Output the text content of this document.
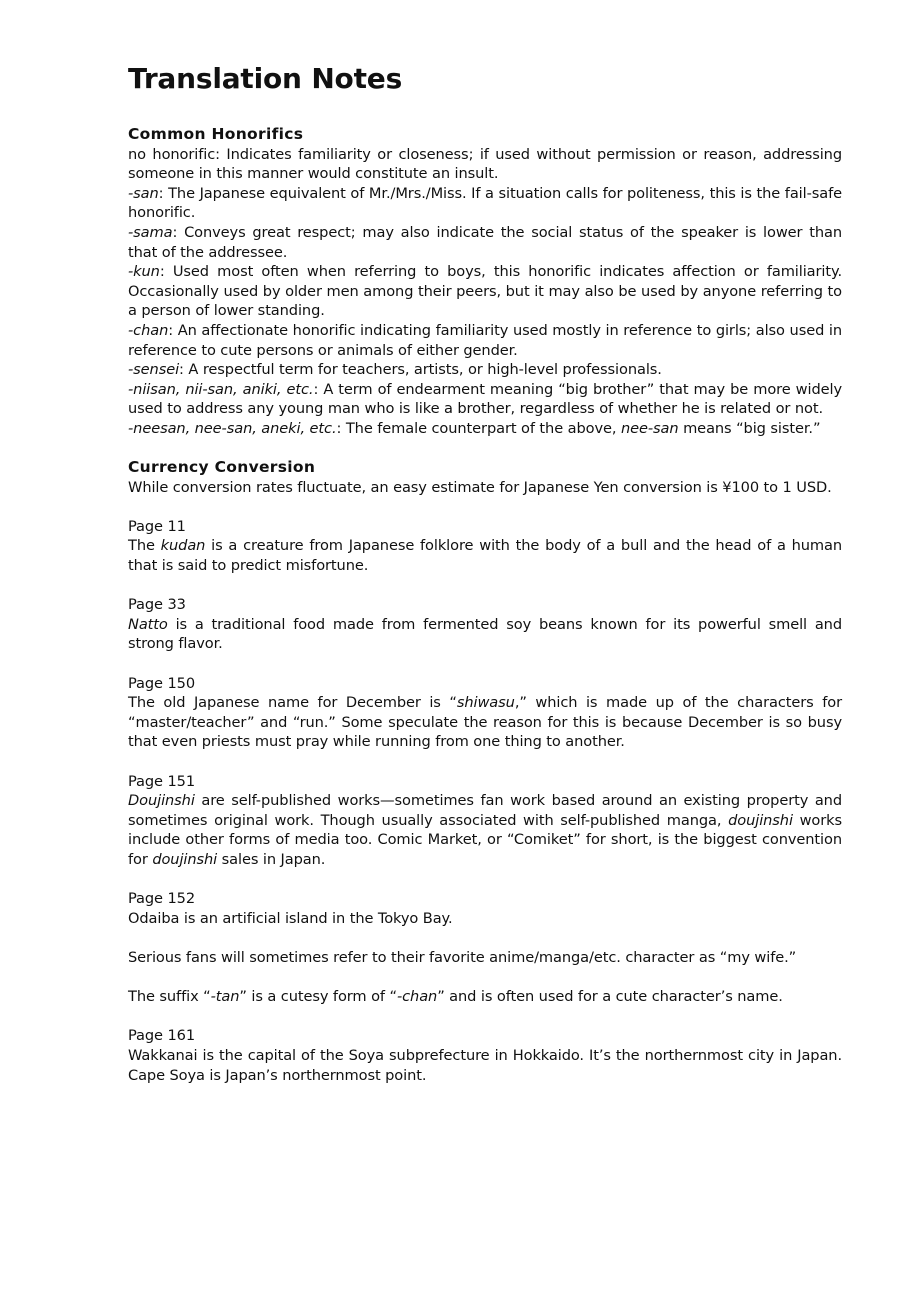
Translation Notes
Common Honorifics

no honorific: Indicates familiarity or closeness; if used without permission or reason, addressing someone in this manner would constitute an insult.

-san: The Japanese equivalent of Mr./Mrs./Miss. If a situation calls for politeness, this is the fail-safe honorific.

-sama: Conveys great respect; may also indicate the social status of the speaker is lower than that of the addressee.

-kun: Used most often when referring to boys, this honorific indicates affection or familiarity. Occasionally used by older men among their peers, but it may also be used by anyone referring to a person of lower standing.

-chan: An affectionate honorific indicating familiarity used mostly in reference to girls; also used in reference to cute persons or animals of either gender.

-sensei: A respectful term for teachers, artists, or high-level professionals.

-niisan, nii-san, aniki, etc.: A term of endearment meaning “big brother” that may be more widely used to address any young man who is like a brother, regardless of whether he is related or not.

-neesan, nee-san, aneki, etc.: The female counterpart of the above, nee-san means “big sister.”

Currency Conversion

While conversion rates fluctuate, an easy estimate for Japanese Yen conversion is ¥100 to 1 USD.

Page 11

The kudan is a creature from Japanese folklore with the body of a bull and the head of a human that is said to predict misfortune.

Page 33

Natto is a traditional food made from fermented soy beans known for its powerful smell and strong flavor.

Page 150

The old Japanese name for December is “shiwasu,” which is made up of the characters for “master/teacher” and “run.” Some speculate the reason for this is because December is so busy that even priests must pray while running from one thing to another.

Page 151

Doujinshi are self-published works—sometimes fan work based around an existing property and sometimes original work. Though usually associated with self-published manga, doujinshi works include other forms of media too. Comic Market, or “Comiket” for short, is the biggest convention for doujinshi sales in Japan.

Page 152

Odaiba is an artificial island in the Tokyo Bay.

Serious fans will sometimes refer to their favorite anime/manga/etc. character as “my wife.”

The suffix “-tan” is a cutesy form of “-chan” and is often used for a cute character’s name.

Page 161

Wakkanai is the capital of the Soya subprefecture in Hokkaido. It’s the northernmost city in Japan. Cape Soya is Japan’s northernmost point.
